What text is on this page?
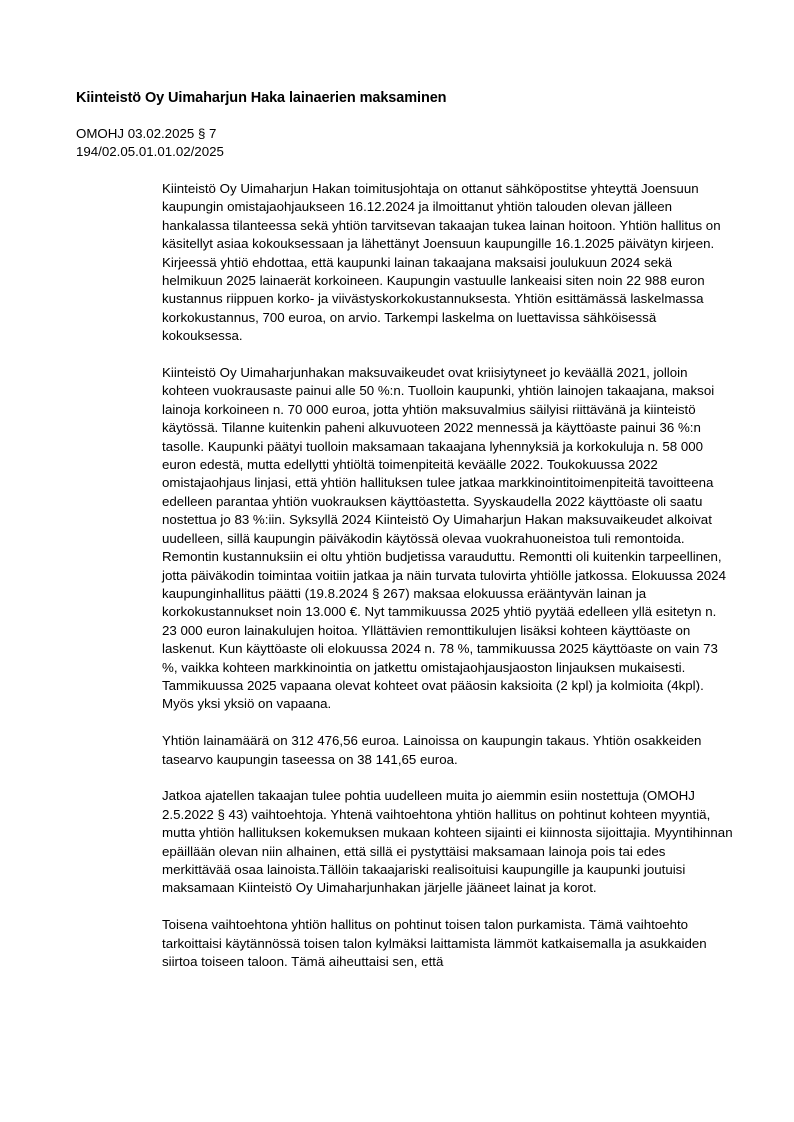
Kiinteistö Oy Uimaharjun Haka lainaerien maksaminen

OMOHJ 03.02.2025 § 7

194/02.05.01.01.02/2025

Kiinteistö Oy Uimaharjun Hakan toimitusjohtaja on ottanut sähköpostitse yhteyttä Joensuun kaupungin omistajaohjaukseen 16.12.2024 ja ilmoittanut yhtiön talouden olevan jälleen hankalassa tilanteessa sekä yhtiön tarvitsevan takaajan tukea lainan hoitoon. Yhtiön hallitus on käsitellyt asiaa kokouksessaan ja lähettänyt Joensuun kaupungille 16.1.2025 päivätyn kirjeen. Kirjeessä yhtiö ehdottaa, että kaupunki lainan takaajana maksaisi joulukuun 2024 sekä helmikuun 2025 lainaerät korkoineen. Kaupungin vastuulle lankeaisi siten noin 22 988 euron kustannus riippuen korko- ja viivästyskorkokustannuksesta. Yhtiön esittämässä laskelmassa korkokustannus, 700 euroa, on arvio. Tarkempi laskelma on luettavissa sähköisessä kokouksessa.

Kiinteistö Oy Uimaharjunhakan maksuvaikeudet ovat kriisiytyneet jo keväällä 2021, jolloin kohteen vuokrausaste painui alle 50 %:n. Tuolloin kaupunki, yhtiön lainojen takaajana, maksoi lainoja korkoineen n. 70 000 euroa, jotta yhtiön maksuvalmius säilyisi riittävänä ja kiinteistö käytössä. Tilanne kuitenkin paheni alkuvuoteen 2022 mennessä ja käyttöaste painui 36 %:n tasolle. Kaupunki päätyi tuolloin maksamaan takaajana lyhennyksiä ja korkokuluja n. 58 000 euron edestä, mutta edellytti yhtiöltä toimenpiteitä keväälle 2022. Toukokuussa 2022 omistajaohjaus linjasi, että yhtiön hallituksen tulee jatkaa markkinointitoimenpiteitä tavoitteena edelleen parantaa yhtiön vuokrauksen käyttöastetta. Syyskaudella 2022 käyttöaste oli saatu nostettua jo 83 %:iin. Syksyllä 2024 Kiinteistö Oy Uimaharjun Hakan maksuvaikeudet alkoivat uudelleen, sillä kaupungin päiväkodin käytössä olevaa vuokrahuoneistoa tuli remontoida. Remontin kustannuksiin ei oltu yhtiön budjetissa varauduttu. Remontti oli kuitenkin tarpeellinen, jotta päiväkodin toimintaa voitiin jatkaa ja näin turvata tulovirta yhtiölle jatkossa. Elokuussa 2024 kaupunginhallitus päätti (19.8.2024 § 267) maksaa elokuussa erääntyvän lainan ja korkokustannukset noin 13.000 €. Nyt tammikuussa 2025 yhtiö pyytää edelleen yllä esitetyn n. 23 000 euron lainakulujen hoitoa. Yllättävien remonttikulujen lisäksi kohteen käyttöaste on laskenut. Kun käyttöaste oli elokuussa 2024 n. 78 %, tammikuussa 2025 käyttöaste on vain 73 %, vaikka kohteen markkinointia on jatkettu omistajaohjausjaoston linjauksen mukaisesti. Tammikuussa 2025 vapaana olevat kohteet ovat pääosin kaksioita (2 kpl) ja kolmioita (4kpl). Myös yksi yksiö on vapaana.

Yhtiön lainamäärä on 312 476,56 euroa. Lainoissa on kaupungin takaus. Yhtiön osakkeiden tasearvo kaupungin taseessa on 38 141,65 euroa.

Jatkoa ajatellen takaajan tulee pohtia uudelleen muita jo aiemmin esiin nostettuja (OMOHJ 2.5.2022 § 43) vaihtoehtoja. Yhtenä vaihtoehtona yhtiön hallitus on pohtinut kohteen myyntiä, mutta yhtiön hallituksen kokemuksen mukaan kohteen sijainti ei kiinnosta sijoittajia. Myyntihinnan epäillään olevan niin alhainen, että sillä ei pystyttäisi maksamaan lainoja pois tai edes merkittävää osaa lainoista.Tällöin takaajariski realisoituisi kaupungille ja kaupunki joutuisi maksamaan Kiinteistö Oy Uimaharjunhakan järjelle jääneet lainat ja korot.

Toisena vaihtoehtona yhtiön hallitus on pohtinut toisen talon purkamista. Tämä vaihtoehto tarkoittaisi käytännössä toisen talon kylmäksi laittamista lämmöt katkaisemalla ja asukkaiden siirtoa toiseen taloon. Tämä aiheuttaisi sen, että
